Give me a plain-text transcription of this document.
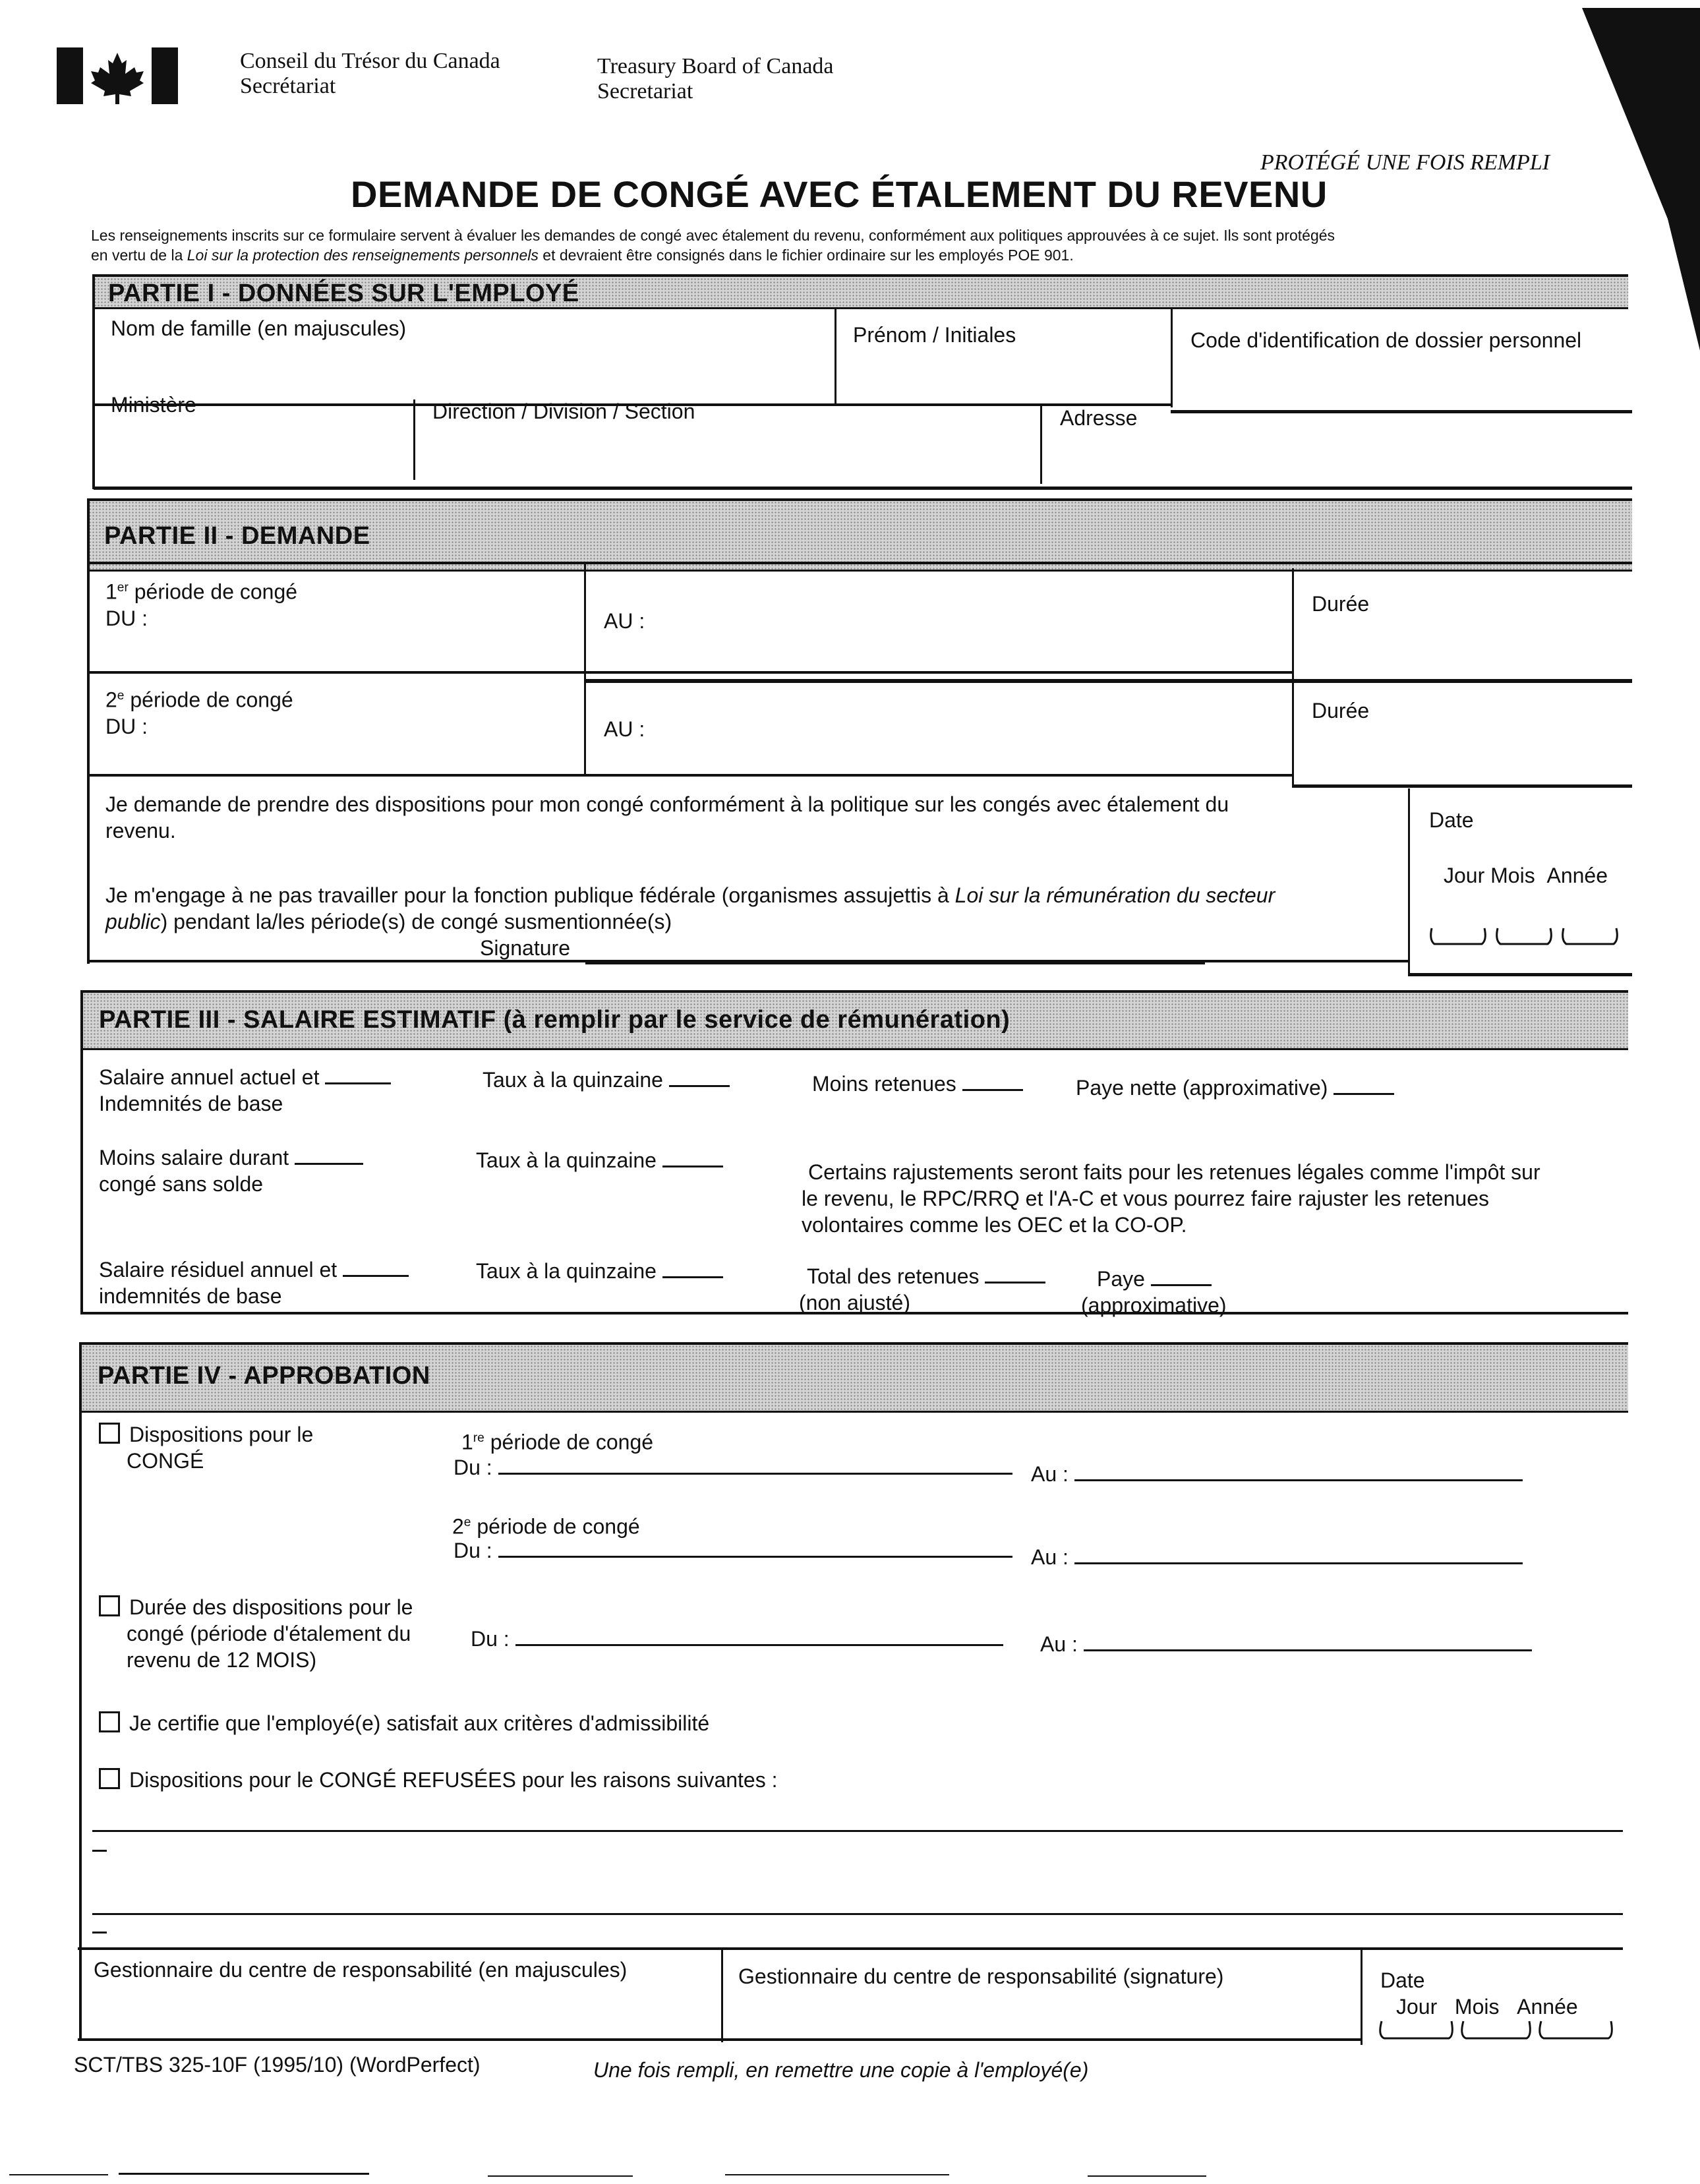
Conseil du Trésor du Canada
Secrétariat
Treasury Board of Canada
Secretariat
PROTÉGÉ UNE FOIS REMPLI
DEMANDE DE CONGÉ AVEC ÉTALEMENT DU REVENU
Les renseignements inscrits sur ce formulaire servent à évaluer les demandes de congé avec étalement du revenu, conformément aux politiques approuvées à ce sujet. Ils sont protégés
en vertu de la Loi sur la protection des renseignements personnels et devraient être consignés dans le fichier ordinaire sur les employés POE 901.
PARTIE I - DONNÉES SUR L'EMPLOYÉ
Nom de famille (en majuscules)	Prénom / Initiales	Code d'identification de dossier personnel
Ministère	Direction / Division / Section	Adresse
PARTIE II - DEMANDE
1er période de congé
DU :	AU :
Durée
2e période de congé
DU :	AU :
Durée
Je demande de prendre des dispositions pour mon congé conformément à la politique sur les congés avec étalement du
revenu.
Je m'engage à ne pas travailler pour la fonction publique fédérale (organismes assujettis à Loi sur la rémunération du secteur
public) pendant la/les période(s) de congé susmentionnée(s)
Signature
Date
Jour Mois Année
PARTIE III - SALAIRE ESTIMATIF (à remplir par le service de rémunération)
Salaire annuel actuel et
Indemnités de base
Taux à la quinzaine	Moins retenues	Paye nette (approximative)
Moins salaire durant
congé sans solde
Taux à la quinzaine	Certains rajustements seront faits pour les retenues légales comme l'impôt sur
le revenu, le RPC/RRQ et l'A-C et vous pourrez faire rajuster les retenues
volontaires comme les OEC et la CO-OP.
Salaire résiduel annuel et
indemnités de base
Taux à la quinzaine	Total des retenues
(non ajusté)
Paye
(approximative)
PARTIE IV - APPROBATION
Dispositions pour le
CONGÉ
1re période de congé
Du :	Au :
2e période de congé
Du :	Au :
Durée des dispositions pour le
congé (période d'étalement du
revenu de 12 MOIS)
Du :	Au :
Je certifie que l'employé(e) satisfait aux critères d'admissibilité
Dispositions pour le CONGÉ REFUSÉES pour les raisons suivantes :
Gestionnaire du centre de responsabilité (en majuscules)	Gestionnaire du centre de responsabilité (signature)	Date
Jour Mois Année
SCT/TBS 325-10F (1995/10) (WordPerfect)	Une fois rempli, en remettre une copie à l'employé(e)
